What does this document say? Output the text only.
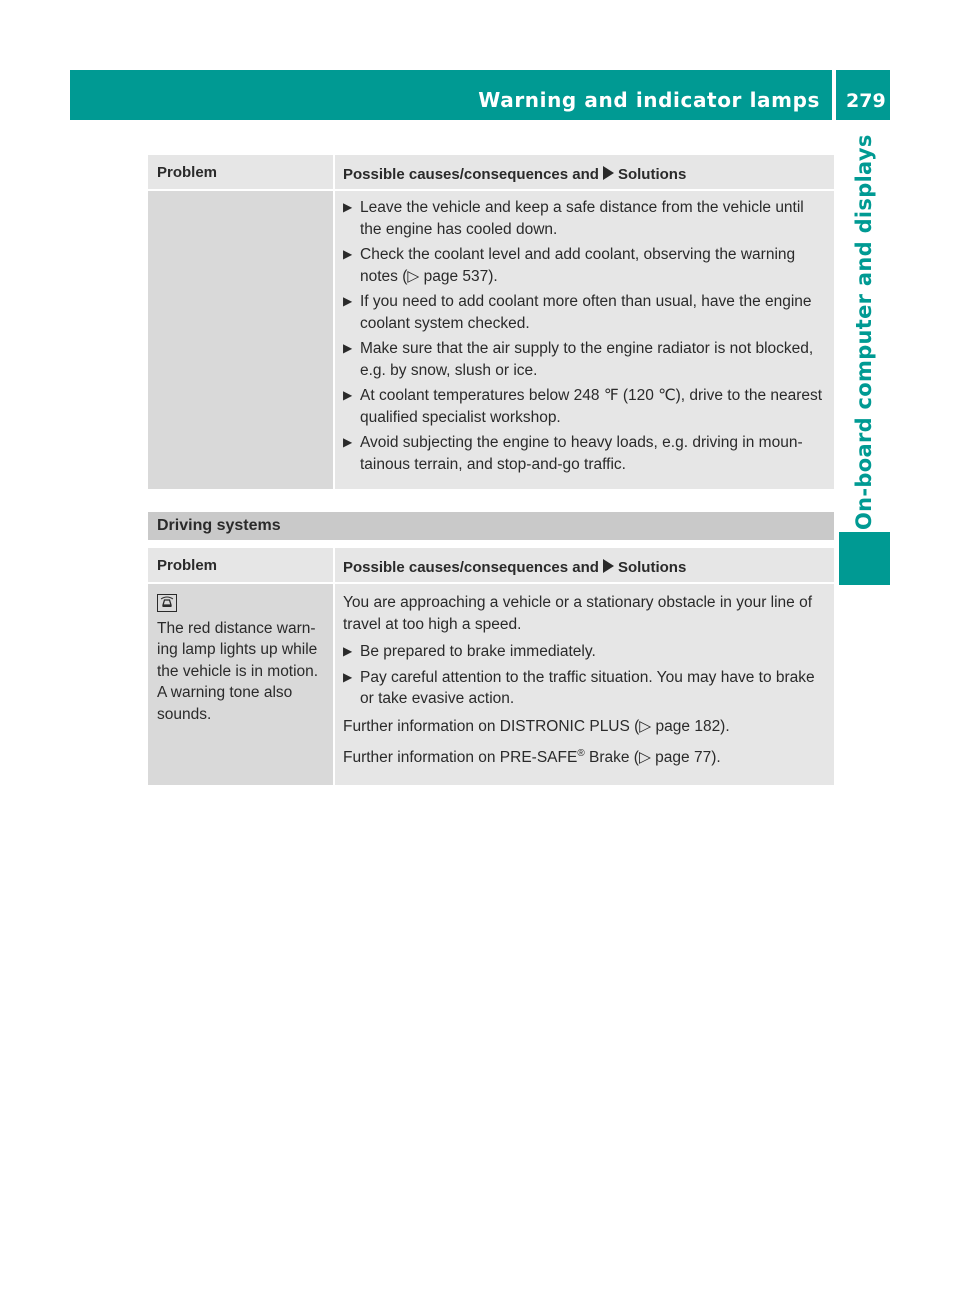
Warning and indicator lamps 279
On-board computer and displays
Problem	Possible causes/consequences and Solutions
▶ Leave the vehicle and keep a safe distance from the vehicle until the engine has cooled down.
▶ Check the coolant level and add coolant, observing the warning notes (▷ page 537).
▶ If you need to add coolant more often than usual, have the engine coolant system checked.
▶ Make sure that the air supply to the engine radiator is not blocked, e.g. by snow, slush or ice.
▶ At coolant temperatures below 248 ℉ (120 ℃), drive to the nearest qualified specialist workshop.
▶ Avoid subjecting the engine to heavy loads, e.g. driving in mountainous terrain, and stop-and-go traffic.
Driving systems
Problem	Possible causes/consequences and Solutions
The red distance warning lamp lights up while the vehicle is in motion. A warning tone also sounds.
You are approaching a vehicle or a stationary obstacle in your line of travel at too high a speed.
▶ Be prepared to brake immediately.
▶ Pay careful attention to the traffic situation. You may have to brake or take evasive action.
Further information on DISTRONIC PLUS (▷ page 182).
Further information on PRE-SAFE® Brake (▷ page 77).
